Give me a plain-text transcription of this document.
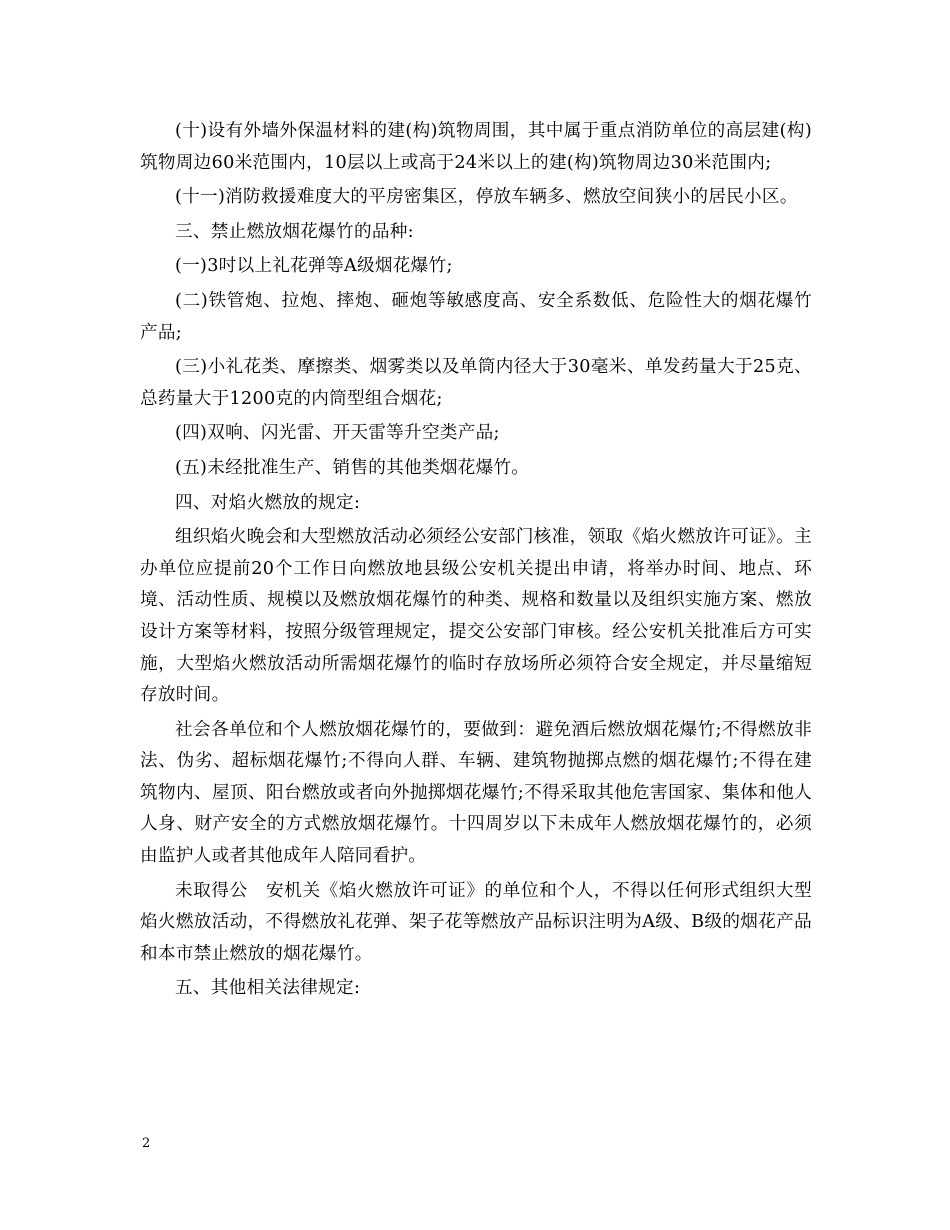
(十)设有外墙外保温材料的建(构)筑物周围，其中属于重点消防单位的高层建(构)筑物周边60米范围内，10层以上或高于24米以上的建(构)筑物周边30米范围内;

(十一)消防救援难度大的平房密集区，停放车辆多、燃放空间狭小的居民小区。

三、禁止燃放烟花爆竹的品种:

(一)3吋以上礼花弹等A级烟花爆竹;

(二)铁管炮、拉炮、摔炮、砸炮等敏感度高、安全系数低、危险性大的烟花爆竹产品;

(三)小礼花类、摩擦类、烟雾类以及单筒内径大于30毫米、单发药量大于25克、总药量大于1200克的内筒型组合烟花;

(四)双响、闪光雷、开天雷等升空类产品;

(五)未经批准生产、销售的其他类烟花爆竹。

四、对焰火燃放的规定:

组织焰火晚会和大型燃放活动必须经公安部门核准，领取《焰火燃放许可证》。主办单位应提前20个工作日向燃放地县级公安机关提出申请，将举办时间、地点、环境、活动性质、规模以及燃放烟花爆竹的种类、规格和数量以及组织实施方案、燃放设计方案等材料，按照分级管理规定，提交公安部门审核。经公安机关批准后方可实施，大型焰火燃放活动所需烟花爆竹的临时存放场所必须符合安全规定，并尽量缩短存放时间。

社会各单位和个人燃放烟花爆竹的，要做到：避免酒后燃放烟花爆竹;不得燃放非法、伪劣、超标烟花爆竹;不得向人群、车辆、建筑物抛掷点燃的烟花爆竹;不得在建筑物内、屋顶、阳台燃放或者向外抛掷烟花爆竹;不得采取其他危害国家、集体和他人人身、财产安全的方式燃放烟花爆竹。十四周岁以下未成年人燃放烟花爆竹的，必须由监护人或者其他成年人陪同看护。

未取得公　安机关《焰火燃放许可证》的单位和个人，不得以任何形式组织大型焰火燃放活动，不得燃放礼花弹、架子花等燃放产品标识注明为A级、B级的烟花产品和本市禁止燃放的烟花爆竹。

五、其他相关法律规定:

2
